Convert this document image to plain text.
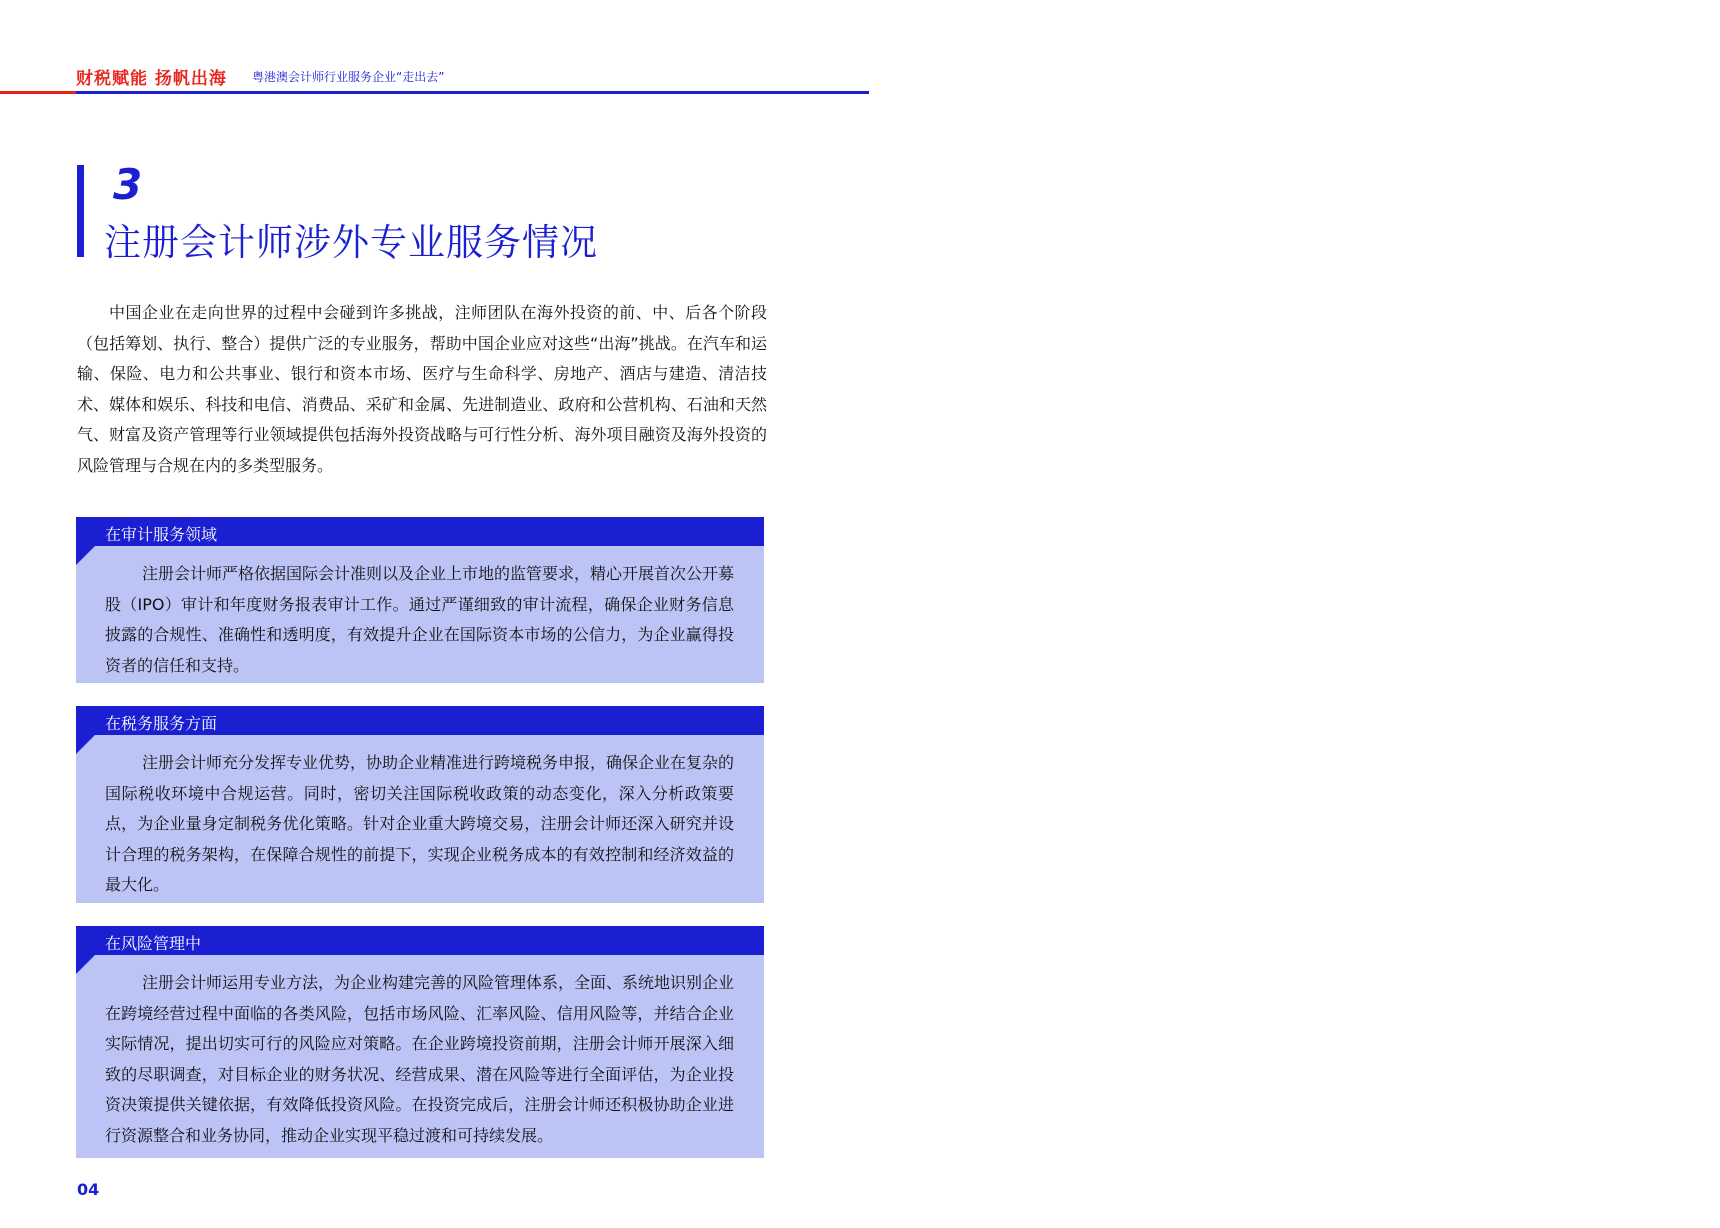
财税赋能 扬帆出海 粤港澳会计师行业服务企业“走出去”
3
注册会计师涉外专业服务情况

中国企业在走向世界的过程中会碰到许多挑战，注师团队在海外投资的前、中、后各个阶段（包括筹划、执行、整合）提供广泛的专业服务，帮助中国企业应对这些“出海”挑战。在汽车和运输、保险、电力和公共事业、银行和资本市场、医疗与生命科学、房地产、酒店与建造、清洁技术、媒体和娱乐、科技和电信、消费品、采矿和金属、先进制造业、政府和公营机构、石油和天然气、财富及资产管理等行业领域提供包括海外投资战略与可行性分析、海外项目融资及海外投资的风险管理与合规在内的多类型服务。

在审计服务领域

注册会计师严格依据国际会计准则以及企业上市地的监管要求，精心开展首次公开募股（IPO）审计和年度财务报表审计工作。通过严谨细致的审计流程，确保企业财务信息披露的合规性、准确性和透明度，有效提升企业在国际资本市场的公信力，为企业赢得投资者的信任和支持。

在税务服务方面

注册会计师充分发挥专业优势，协助企业精准进行跨境税务申报，确保企业在复杂的国际税收环境中合规运营。同时，密切关注国际税收政策的动态变化，深入分析政策要点，为企业量身定制税务优化策略。针对企业重大跨境交易，注册会计师还深入研究并设计合理的税务架构，在保障合规性的前提下，实现企业税务成本的有效控制和经济效益的最大化。

在风险管理中

注册会计师运用专业方法，为企业构建完善的风险管理体系，全面、系统地识别企业在跨境经营过程中面临的各类风险，包括市场风险、汇率风险、信用风险等，并结合企业实际情况，提出切实可行的风险应对策略。在企业跨境投资前期，注册会计师开展深入细致的尽职调查，对目标企业的财务状况、经营成果、潜在风险等进行全面评估，为企业投资决策提供关键依据，有效降低投资风险。在投资完成后，注册会计师还积极协助企业进行资源整合和业务协同，推动企业实现平稳过渡和可持续发展。

04
